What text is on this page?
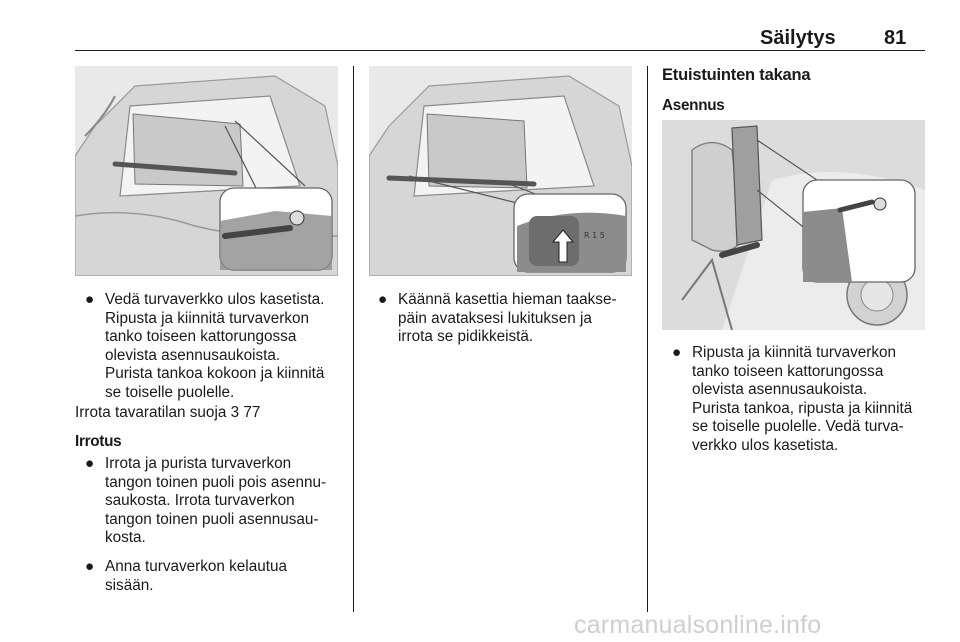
Säilytys 81
R 1 5
● Vedä turvaverkko ulos kasetista.
Ripusta ja kiinnitä turvaverkon
tanko toiseen kattorungossa
olevista asennusaukoista.
Purista tankoa kokoon ja kiinnitä
se toiselle puolelle.
Irrota tavaratilan suoja 3 77
Irrotus
● Irrota ja purista turvaverkon
tangon toinen puoli pois asennu-
saukosta. Irrota turvaverkon
tangon toinen puoli asennusau-
kosta.
● Anna turvaverkon kelautua
sisään.
● Käännä kasettia hieman taakse-
päin avataksesi lukituksen ja
irrota se pidikkeistä.
Etuistuinten takana
Asennus
● Ripusta ja kiinnitä turvaverkon
tanko toiseen kattorungossa
olevista asennusaukoista.
Purista tankoa, ripusta ja kiinnitä
se toiselle puolelle. Vedä turva-
verkko ulos kasetista.
carmanualsonline.info
